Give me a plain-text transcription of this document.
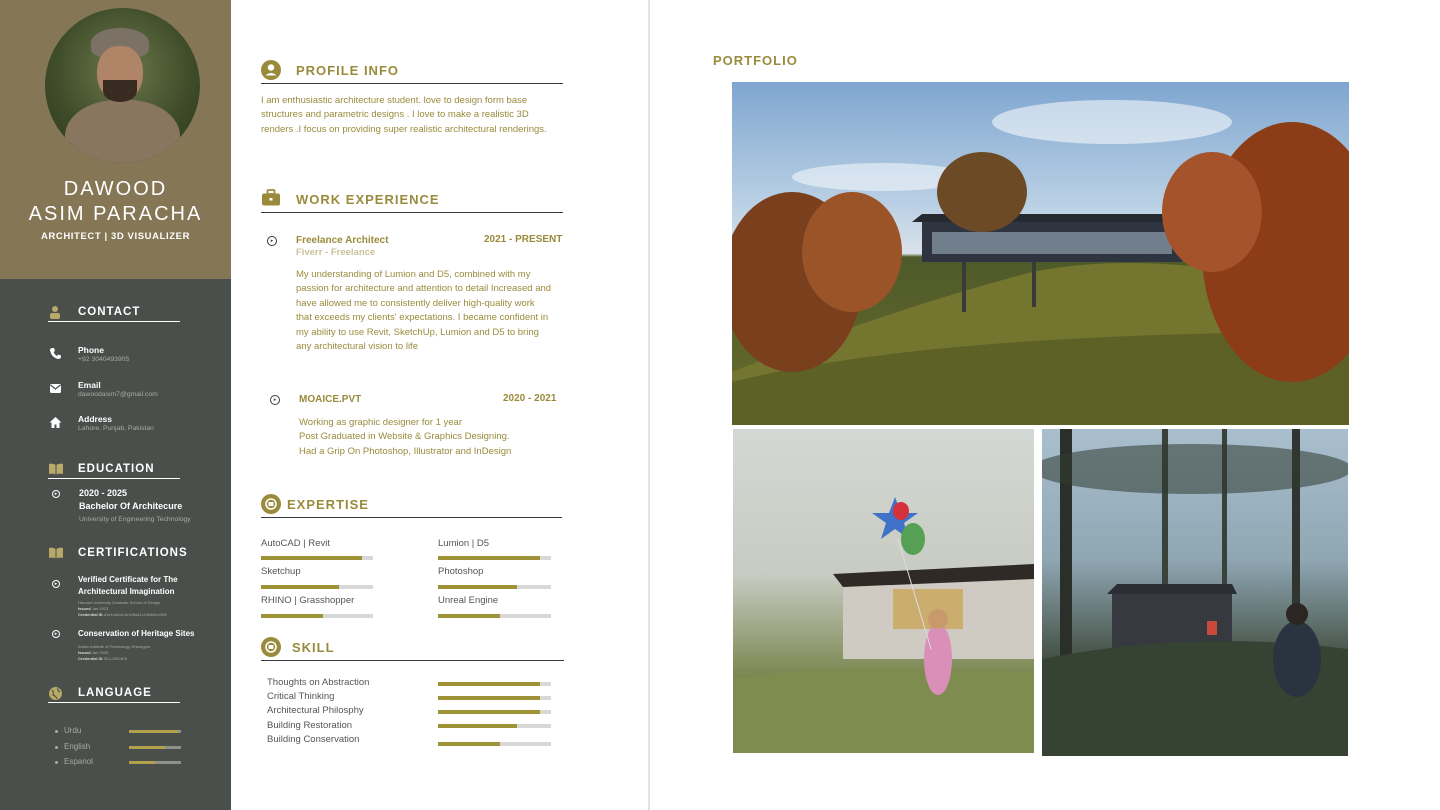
DAWOOD
ASIM PARACHA
ARCHITECT | 3D VISUALIZER
CONTACT
Phone
+92 3040493905
Email
dawoodasim7@gmail.com
Address
Lahore, Punjab, Pakistan
EDUCATION
▸	2020 - 2025
Bachelor Of Architecure
University of Engineering Technology
CERTIFICATIONS
▸	Verified Certificate for The Architectural Imagination
Harvard University Graduate School of Design
Issued Jan 2023
Credential ID d1e1ed0a14e1d9a31c14b8fbc1055
▸	Conservation of Heritage Sites
Indian Institute of Technology, Kharagpur
Issued Jan 2025
Credential ID 2K1-28G4K8
LANGUAGE
Urdu
English
Espanol
PROFILE INFO
I am enthusiastic architecture student. love to design form base structures and parametric designs . I love to make a realistic 3D renders .I focus on providing super realistic architectural renderings.
WORK EXPERIENCE
▸	Freelance Architect
Fiverr - Freelance
2021 - PRESENT
My understanding of Lumion and D5, combined with my passion for architecture and attention to detail Increased and have allowed me to consistently deliver high-quality work that exceeds my clients' expectations. I became confident in my ability to use Revit, SketchUp, Lumion and D5 to bring any architectural vision to life
▸	MOAICE.PVT	2020 - 2021
Working as graphic designer for 1 year
Post Graduated in Website & Graphics Designing.
Had a Grip On Photoshop, Illustrator and InDesign
EXPERTISE
AutoCAD | Revit	Lumion | D5
Sketchup	Photoshop
RHINO | Grasshopper	Unreal Engine
SKILL
Thoughts on Abstraction
Critical Thinking
Architectural Philosphy
Building Restoration
Building Conservation
PORTFOLIO
